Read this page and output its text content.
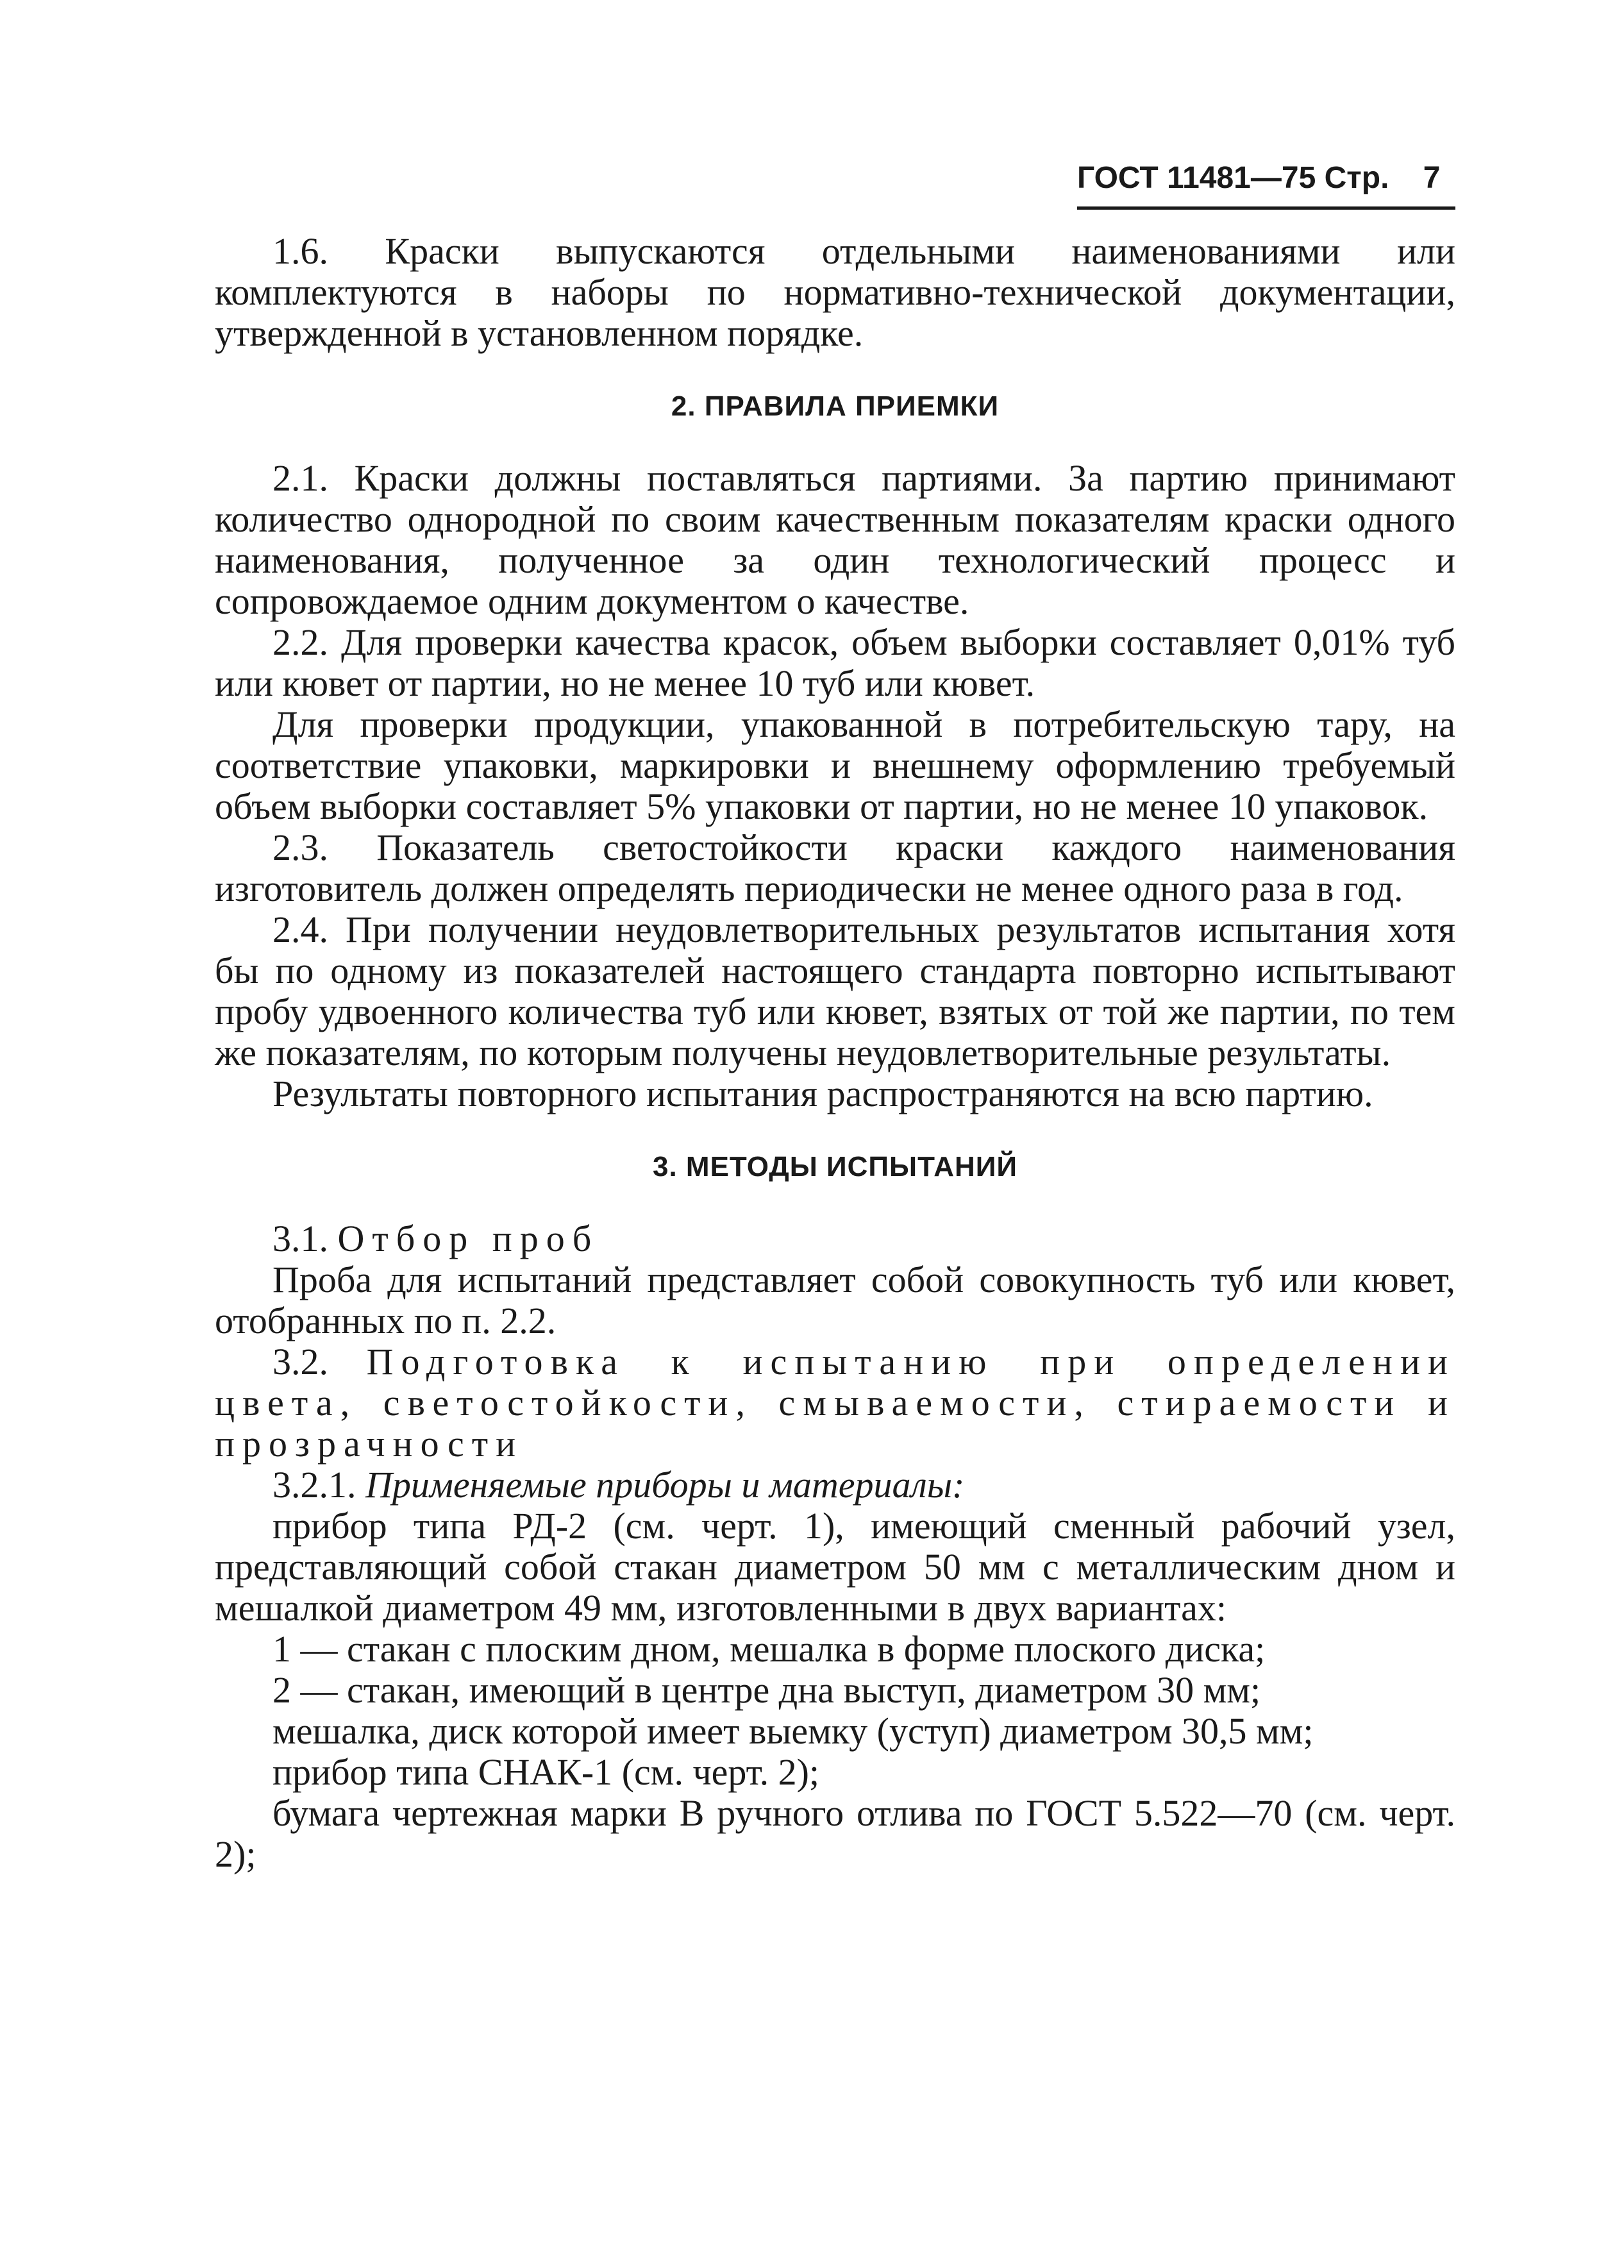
ГОСТ 11481—75 Стр. 7

1.6. Краски выпускаются отдельными наименованиями или комплектуются в наборы по нормативно-технической документации, утвержденной в установленном порядке.

2. ПРАВИЛА ПРИЕМКИ

2.1. Краски должны поставляться партиями. За партию принимают количество однородной по своим качественным показателям краски одного наименования, полученное за один технологический процесс и сопровождаемое одним документом о качестве.

2.2. Для проверки качества красок, объем выборки составляет 0,01% туб или кювет от партии, но не менее 10 туб или кювет.

Для проверки продукции, упакованной в потребительскую тару, на соответствие упаковки, маркировки и внешнему оформлению требуемый объем выборки составляет 5% упаковки от партии, но не менее 10 упаковок.

2.3. Показатель светостойкости краски каждого наименования изготовитель должен определять периодически не менее одного раза в год.

2.4. При получении неудовлетворительных результатов испытания хотя бы по одному из показателей настоящего стандарта повторно испытывают пробу удвоенного количества туб или кювет, взятых от той же партии, по тем же показателям, по которым получены неудовлетворительные результаты.

Результаты повторного испытания распространяются на всю партию.

3. МЕТОДЫ ИСПЫТАНИЙ

3.1. Отбор проб

Проба для испытаний представляет собой совокупность туб или кювет, отобранных по п. 2.2.

3.2. Подготовка к испытанию при определении цвета, светостойкости, смываемости, стираемости и прозрачности

3.2.1. Применяемые приборы и материалы:

прибор типа РД-2 (см. черт. 1), имеющий сменный рабочий узел, представляющий собой стакан диаметром 50 мм с металлическим дном и мешалкой диаметром 49 мм, изготовленными в двух вариантах:

1 — стакан с плоским дном, мешалка в форме плоского диска;

2 — стакан, имеющий в центре дна выступ, диаметром 30 мм;

мешалка, диск которой имеет выемку (уступ) диаметром 30,5 мм;

прибор типа СНАК-1 (см. черт. 2);

бумага чертежная марки В ручного отлива по ГОСТ 5.522—70 (см. черт. 2);
